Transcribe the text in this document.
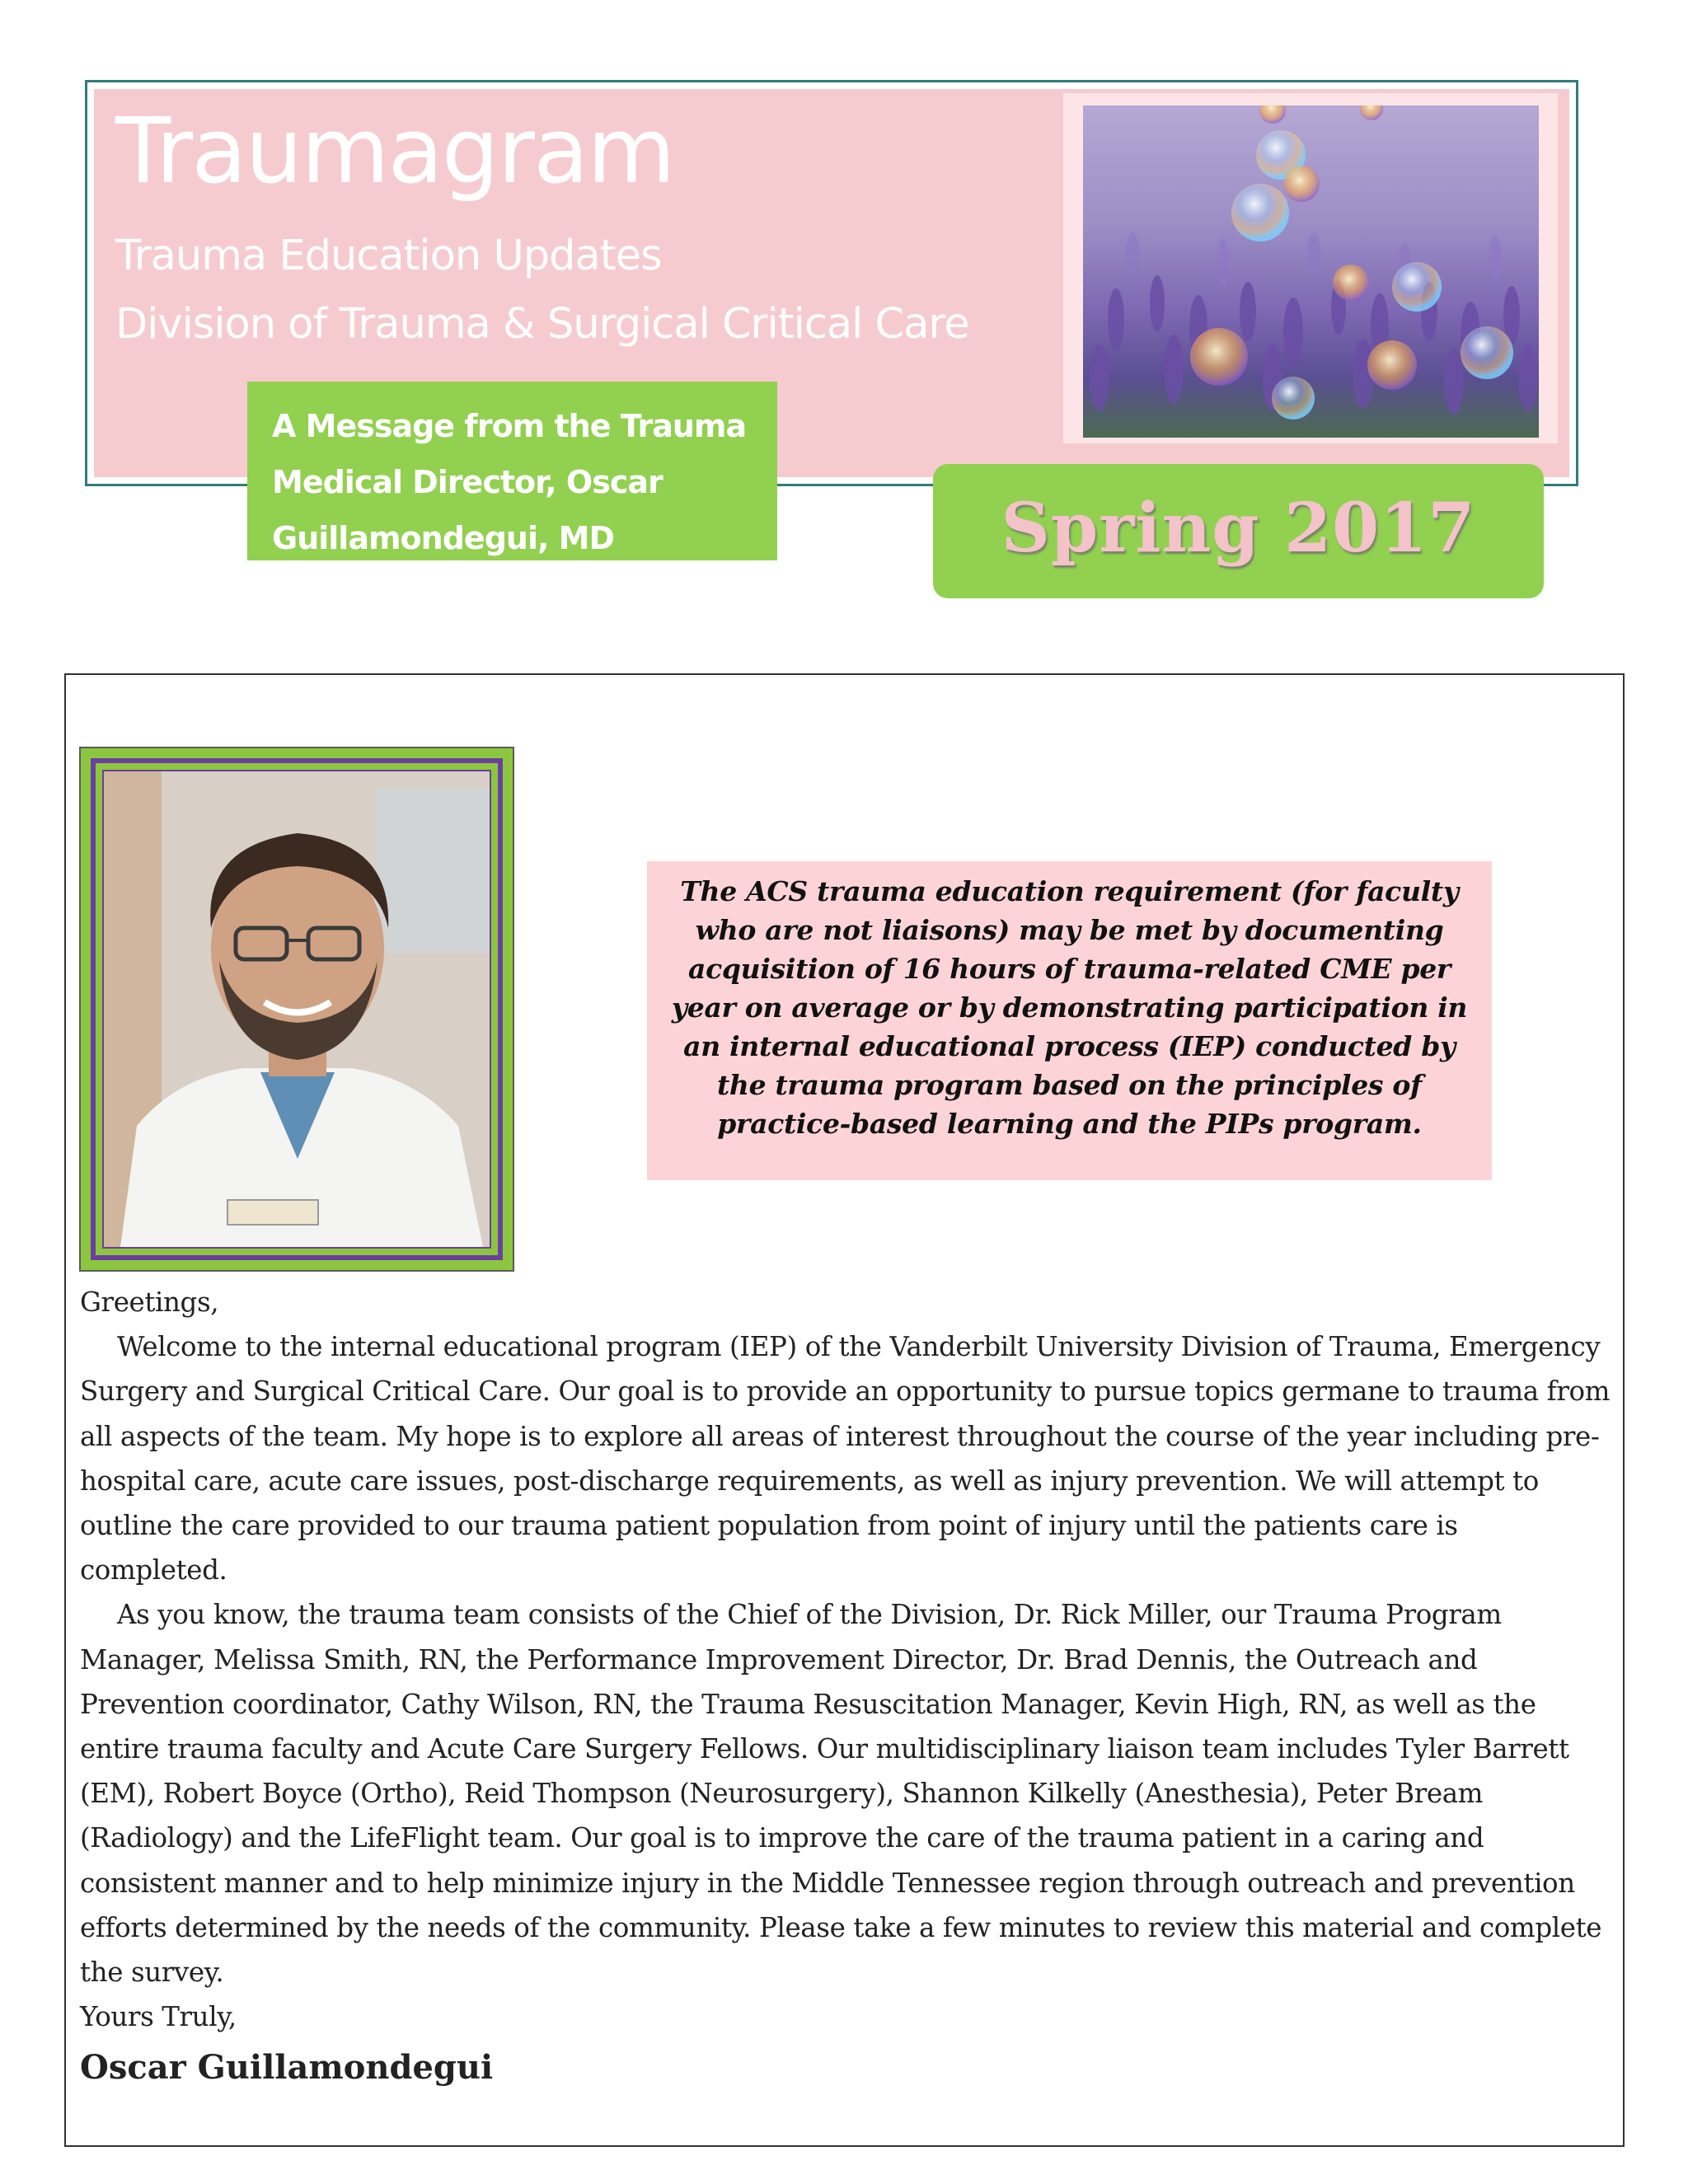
Traumagram
Trauma Education Updates
Division of Trauma & Surgical Critical Care
A Message from the Trauma Medical Director, Oscar Guillamondegui, MD	Spring 2017
The ACS trauma education requirement (for faculty who are not liaisons) may be met by documenting acquisition of 16 hours of trauma-related CME per year on average or by demonstrating participation in an internal educational process (IEP) conducted by the trauma program based on the principles of practice-based learning and the PIPs program.

Greetings,

Welcome to the internal educational program (IEP) of the Vanderbilt University Division of Trauma, Emergency Surgery and Surgical Critical Care. Our goal is to provide an opportunity to pursue topics germane to trauma from all aspects of the team. My hope is to explore all areas of interest throughout the course of the year including pre-hospital care, acute care issues, post-discharge requirements, as well as injury prevention. We will attempt to outline the care provided to our trauma patient population from point of injury until the patients care is completed.

As you know, the trauma team consists of the Chief of the Division, Dr. Rick Miller, our Trauma Program Manager, Melissa Smith, RN, the Performance Improvement Director, Dr. Brad Dennis, the Outreach and Prevention coordinator, Cathy Wilson, RN, the Trauma Resuscitation Manager, Kevin High, RN, as well as the entire trauma faculty and Acute Care Surgery Fellows. Our multidisciplinary liaison team includes Tyler Barrett (EM), Robert Boyce (Ortho), Reid Thompson (Neurosurgery), Shannon Kilkelly (Anesthesia), Peter Bream (Radiology) and the LifeFlight team. Our goal is to improve the care of the trauma patient in a caring and consistent manner and to help minimize injury in the Middle Tennessee region through outreach and prevention efforts determined by the needs of the community. Please take a few minutes to review this material and complete the survey.

Yours Truly,

Oscar Guillamondegui
